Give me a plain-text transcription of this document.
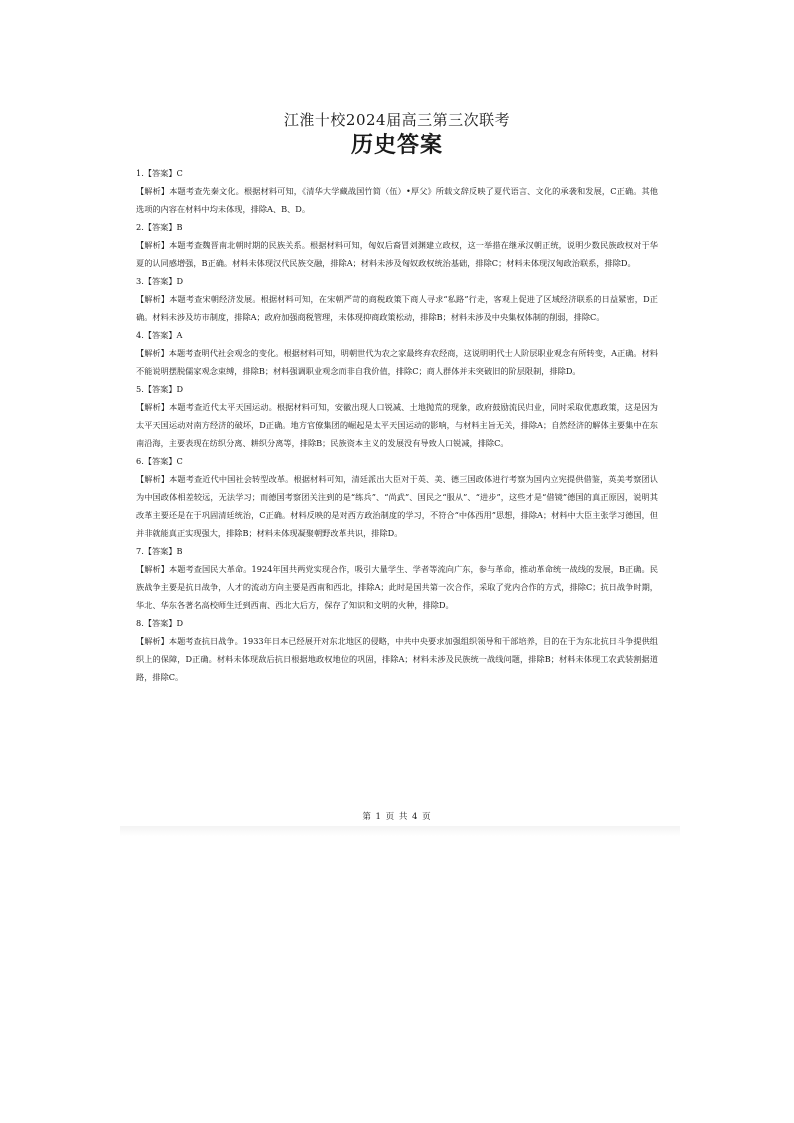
江淮十校2024届高三第三次联考
历史答案
1.【答案】C
【解析】本题考查先秦文化。根据材料可知，《清华大学藏战国竹简（伍）•厚父》所载文辞反映了夏代语言、文化的承袭和发展，C正确。其他选项的内容在材料中均未体现，排除A、B、D。
2.【答案】B
【解析】本题考查魏晋南北朝时期的民族关系。根据材料可知，匈奴后裔冒刘渊建立政权，这一举措在继承汉朝正统，说明少数民族政权对于华夏的认同感增强，B正确。材料未体现汉代民族交融，排除A；材料未涉及匈奴政权统治基础，排除C；材料未体现汉匈政治联系，排除D。
3.【答案】D
【解析】本题考查宋朝经济发展。根据材料可知，在宋朝严苛的商税政策下商人寻求“私路”行走，客观上促进了区域经济联系的日益紧密，D正确。材料未涉及坊市制度，排除A；政府加强商税管理，未体现抑商政策松动，排除B；材料未涉及中央集权体制的削弱，排除C。
4.【答案】A
【解析】本题考查明代社会观念的变化。根据材料可知，明朝世代为农之家最终弃农经商，这说明明代士人阶层职业观念有所转变，A正确。材料不能说明摆脱儒家观念束缚，排除B；材料强调职业观念而非自我价值，排除C；商人群体并未突破旧的阶层限制，排除D。
5.【答案】D
【解析】本题考查近代太平天国运动。根据材料可知，安徽出现人口锐减、土地抛荒的现象，政府鼓励流民归业，同时采取优惠政策，这是因为太平天国运动对南方经济的破坏，D正确。地方官僚集团的崛起是太平天国运动的影响，与材料主旨无关，排除A；自然经济的解体主要集中在东南沿海，主要表现在纺织分离、耕织分离等，排除B；民族资本主义的发展没有导致人口锐减，排除C。
6.【答案】C
【解析】本题考查近代中国社会转型改革。根据材料可知，清廷派出大臣对于英、美、德三国政体进行考察为国内立宪提供借鉴，英美考察团认为中国政体相差较远，无法学习；而德国考察团关注到的是“练兵”、“尚武”、国民之“服从”、“进步”，这些才是“借镜”德国的真正原因，说明其改革主要还是在于巩固清廷统治，C正确。材料反映的是对西方政治制度的学习，不符合“中体西用”思想，排除A；材料中大臣主张学习德国，但并非就能真正实现强大，排除B；材料未体现凝聚朝野改革共识，排除D。
7.【答案】B
【解析】本题考查国民大革命。1924年国共两党实现合作，吸引大量学生、学者等流向广东，参与革命，推动革命统一战线的发展，B正确。民族战争主要是抗日战争，人才的流动方向主要是西南和西北，排除A；此时是国共第一次合作，采取了党内合作的方式，排除C；抗日战争时期，华北、华东各著名高校师生迁到西南、西北大后方，保存了知识和文明的火种，排除D。
8.【答案】D
【解析】本题考查抗日战争。1933年日本已经展开对东北地区的侵略，中共中央要求加强组织领导和干部培养，目的在于为东北抗日斗争提供组织上的保障，D正确。材料未体现敌后抗日根据地政权地位的巩固，排除A；材料未涉及民族统一战线问题，排除B；材料未体现工农武装割据道路，排除C。
第 1 页 共 4 页
